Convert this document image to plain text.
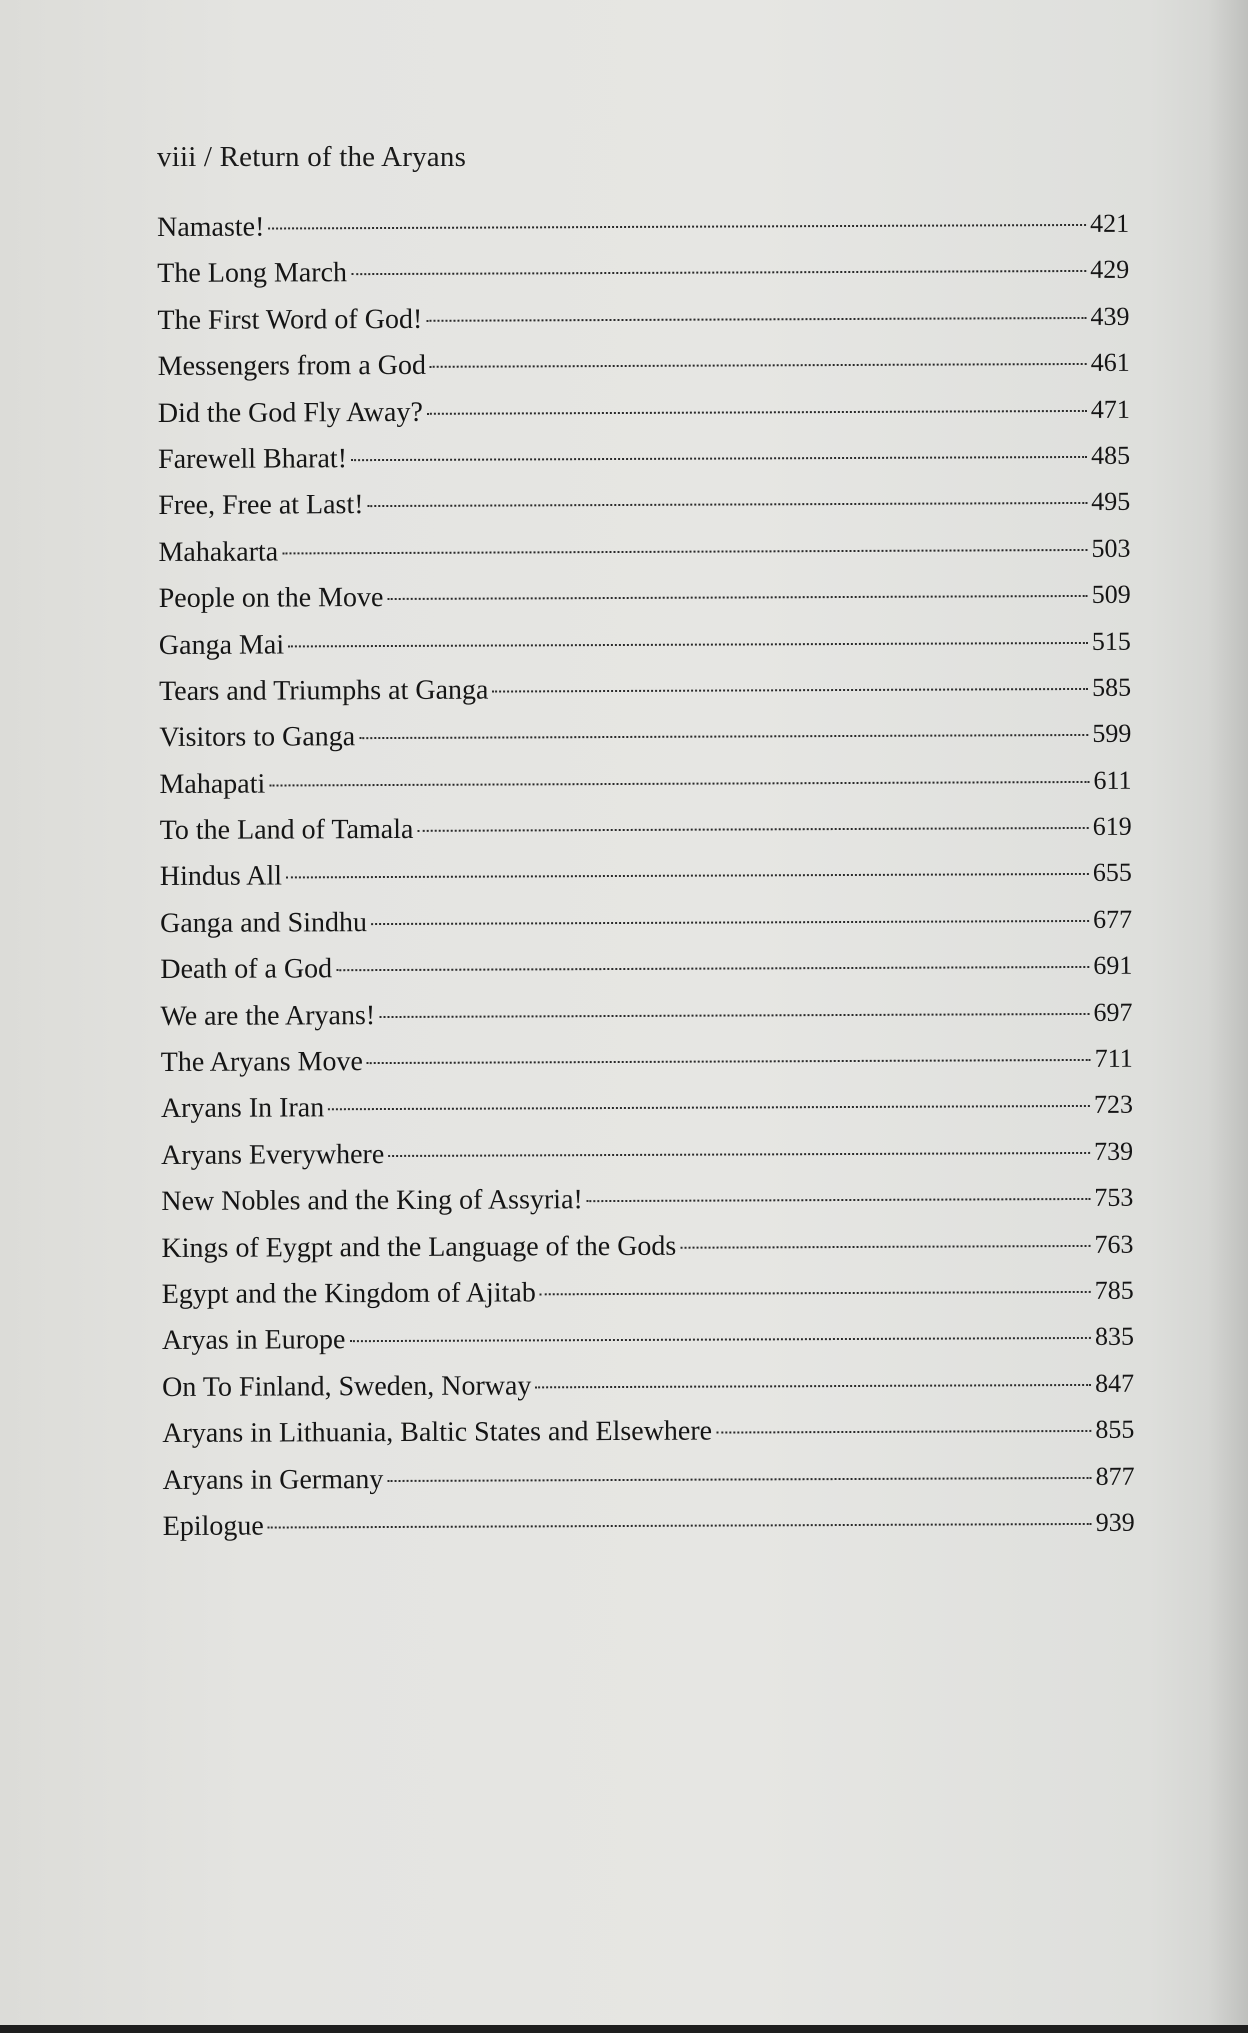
viii / Return of the Aryans
Namaste!	421
The Long March	429
The First Word of God!	439
Messengers from a God	461
Did the God Fly Away?	471
Farewell Bharat!	485
Free, Free at Last!	495
Mahakarta	503
People on the Move	509
Ganga Mai	515
Tears and Triumphs at Ganga	585
Visitors to Ganga	599
Mahapati	611
To the Land of Tamala	619
Hindus All	655
Ganga and Sindhu	677
Death of a God	691
We are the Aryans!	697
The Aryans Move	711
Aryans In Iran	723
Aryans Everywhere	739
New Nobles and the King of Assyria!	753
Kings of Eygpt and the Language of the Gods	763
Egypt and the Kingdom of Ajitab	785
Aryas in Europe	835
On To Finland, Sweden, Norway	847
Aryans in Lithuania, Baltic States and Elsewhere	855
Aryans in Germany	877
Epilogue	939
